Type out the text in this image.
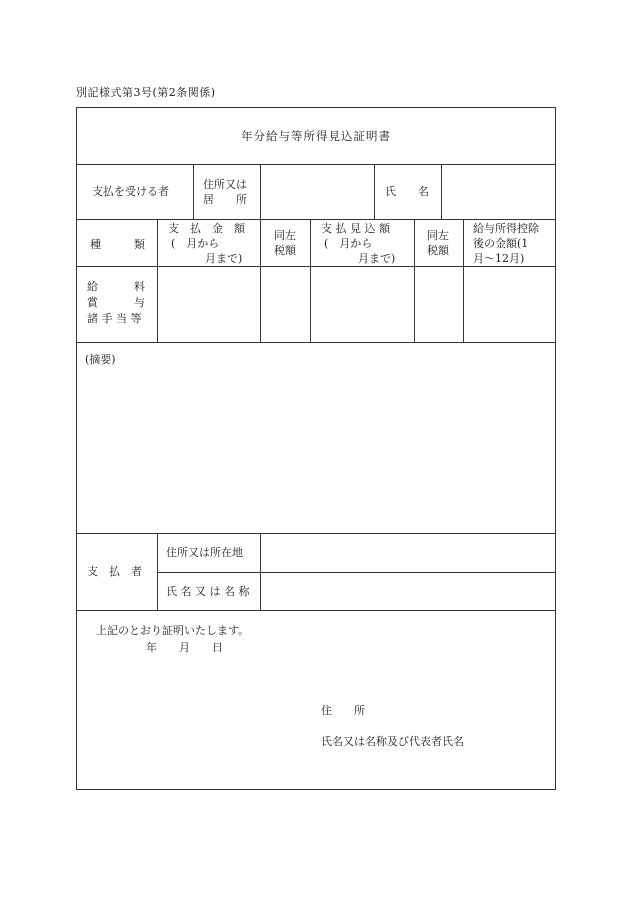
別記様式第3号(第2条関係)
年分給与等所得見込証明書
支払を受ける者
住所又は
居　　所
氏　　名
種　　　類
支　払　金　額
(　月から
月まで)
同左
税額
支 払 見 込 額
(　月から
月まで)
同左
税額
給与所得控除
後の金額(1
月～12月)
給	料
賞	与
諸手当等
(摘要)
支　払　者
住所又は所在地
氏 名 又 は 名 称
上記のとおり証明いたします。
年　　月　　日
住　　所
氏名又は名称及び代表者氏名
